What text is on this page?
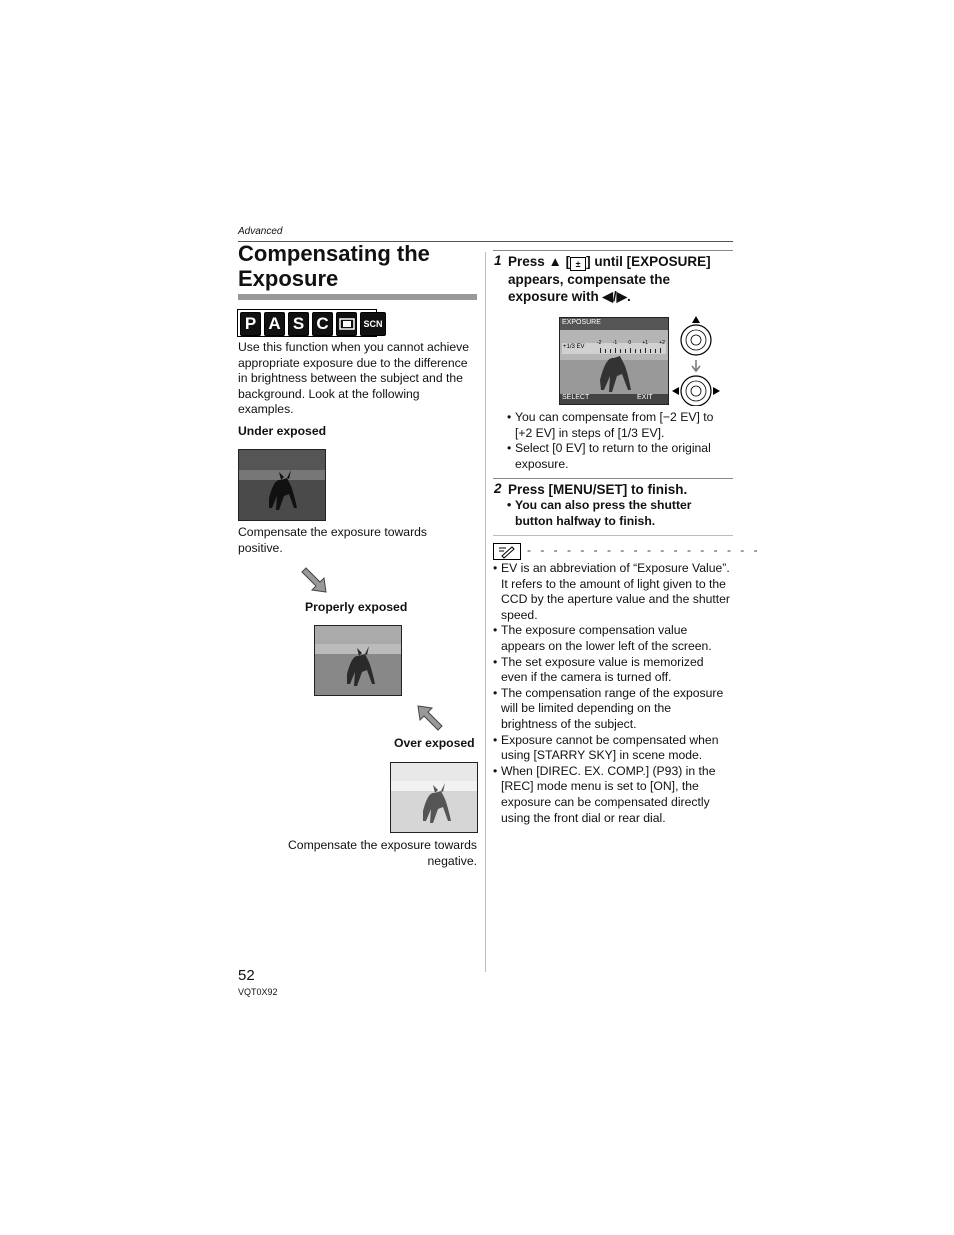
Advanced
Compensating the
Exposure
P A S C	SCN
Use this function when you cannot achieve
appropriate exposure due to the difference
in brightness between the subject and the
background. Look at the following
examples.
Under exposed
Compensate the exposure towards
positive.
Properly exposed
Over exposed
Compensate the exposure towards
negative.
1 Press ▲ [ ± ] until [EXPOSURE]
appears, compensate the
exposure with ◀/▶.
EXPOSURE
+1/3 EV
-2 -1 0 +1 +2
SELECT	EXIT
• You can compensate from [−2 EV] to
[+2 EV] in steps of [1/3 EV].
• Select [0 EV] to return to the original
exposure.
2 Press [MENU/SET] to finish.
• You can also press the shutter
button halfway to finish.
- - - - - - - - - - - - - - - - - -
• EV is an abbreviation of “Exposure Value”.
It refers to the amount of light given to the
CCD by the aperture value and the shutter
speed.
• The exposure compensation value
appears on the lower left of the screen.
• The set exposure value is memorized
even if the camera is turned off.
• The compensation range of the exposure
will be limited depending on the
brightness of the subject.
• Exposure cannot be compensated when
using [STARRY SKY] in scene mode.
• When [DIREC. EX. COMP.] (P93) in the
[REC] mode menu is set to [ON], the
exposure can be compensated directly
using the front dial or rear dial.
52
VQT0X92
